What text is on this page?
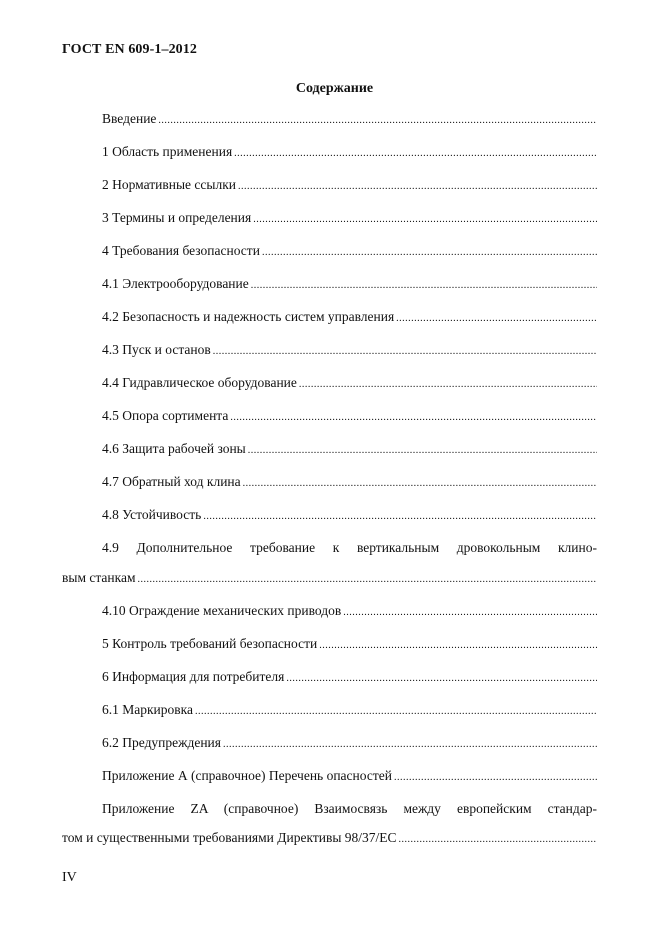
ГОСТ EN 609-1–2012
Содержание
Введение
.....
1 Область применения
.....
2 Нормативные ссылки
.....
3 Термины и определения
.....
4 Требования безопасности
.....
4.1 Электрооборудование
.....
4.2 Безопасность и надежность систем управления
.....
4.3 Пуск и останов
.....
4.4 Гидравлическое оборудование
.....
4.5 Опора сортимента
.....
4.6 Защита рабочей зоны
.....
4.7 Обратный ход клина
.....
4.8 Устойчивость
.....
4.9 Дополнительное требование к вертикальным дровокольным клино-
вым станкам
.....
4.10 Ограждение механических приводов
.....
5 Контроль требований безопасности
.....
6 Информация для потребителя
.....
6.1 Маркировка
.....
6.2 Предупреждения
.....
Приложение А (справочное) Перечень опасностей
.....
Приложение ZA (справочное) Взаимосвязь между европейским стандар-
том и существенными требованиями Директивы 98/37/ЕС
.....
IV
